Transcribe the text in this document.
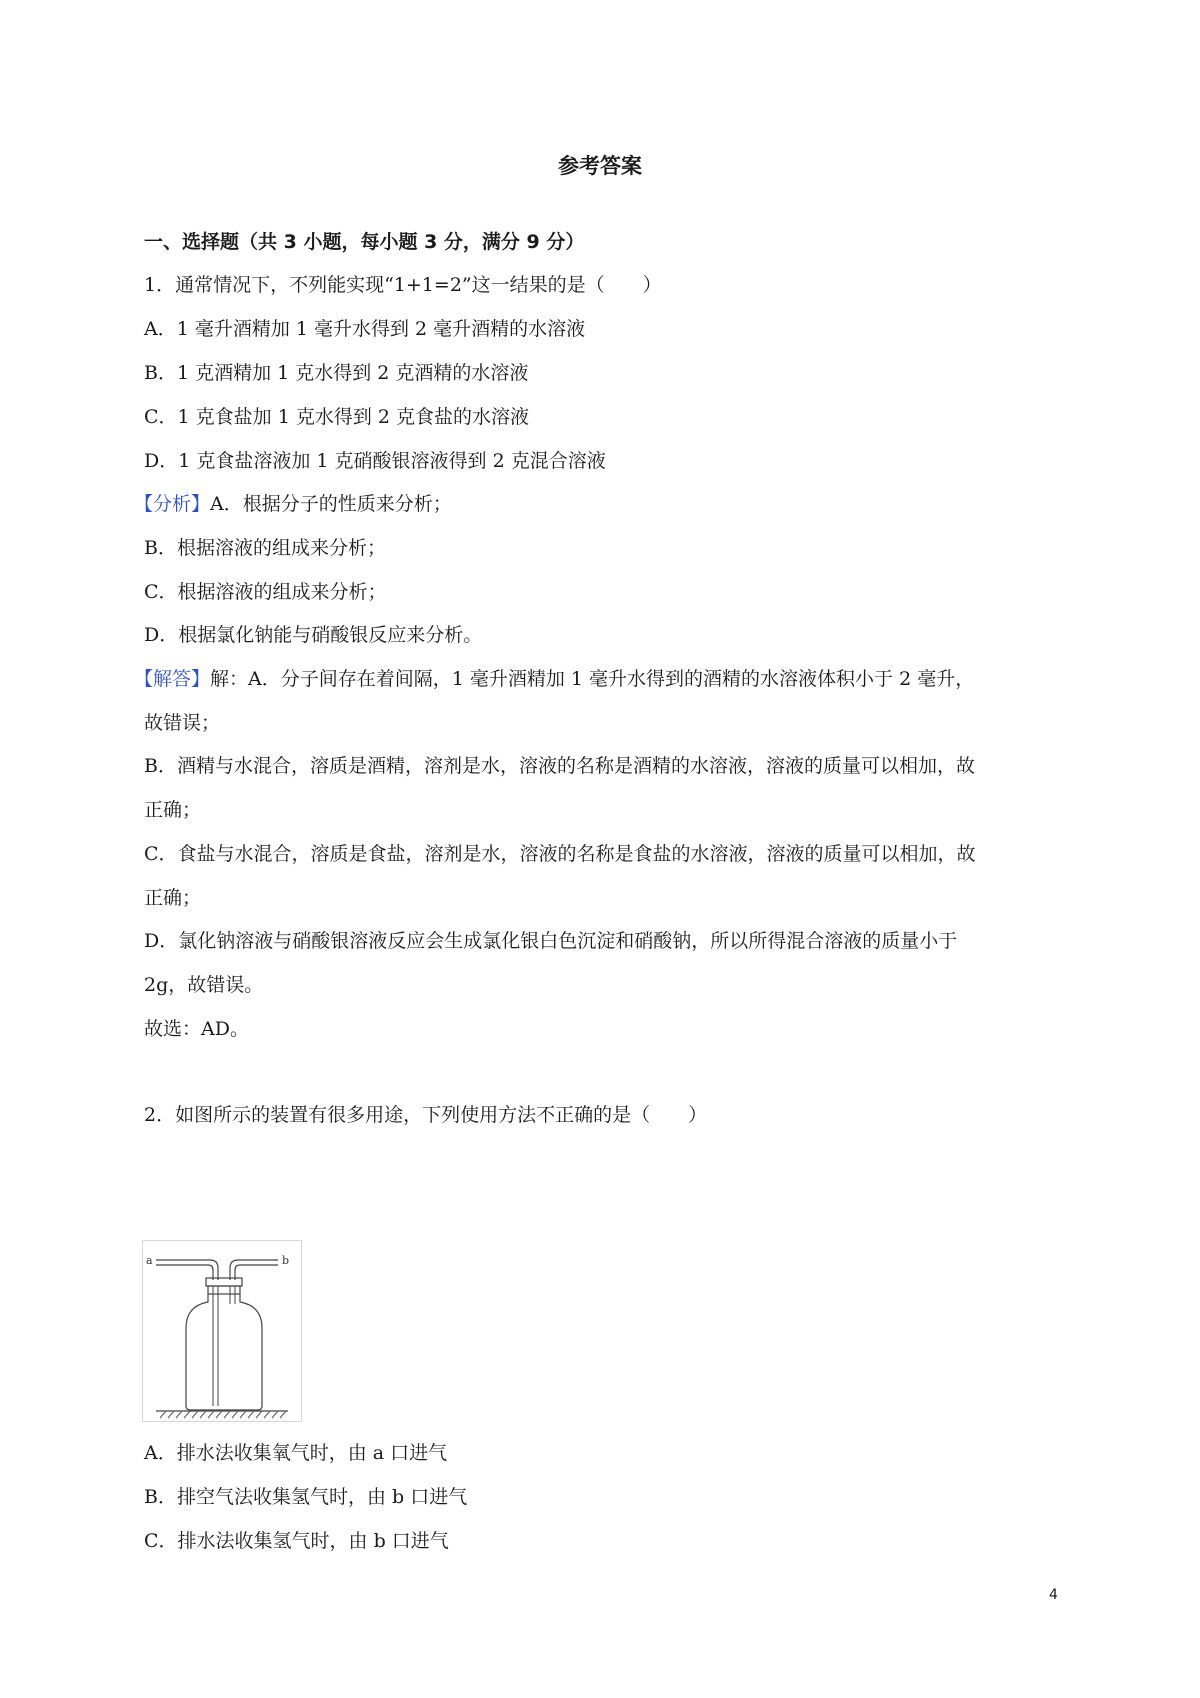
参考答案
一、选择题（共 3 小题，每小题 3 分，满分 9 分）
1．通常情况下，不列能实现“1+1=2”这一结果的是（　　）
A．1 毫升酒精加 1 毫升水得到 2 毫升酒精的水溶液
B．1 克酒精加 1 克水得到 2 克酒精的水溶液
C．1 克食盐加 1 克水得到 2 克食盐的水溶液
D．1 克食盐溶液加 1 克硝酸银溶液得到 2 克混合溶液
【分析】A．根据分子的性质来分析；
B．根据溶液的组成来分析；
C．根据溶液的组成来分析；
D．根据氯化钠能与硝酸银反应来分析。
【解答】解：A．分子间存在着间隔，1 毫升酒精加 1 毫升水得到的酒精的水溶液体积小于 2 毫升，
故错误；
B．酒精与水混合，溶质是酒精，溶剂是水，溶液的名称是酒精的水溶液，溶液的质量可以相加，故
正确；
C．食盐与水混合，溶质是食盐，溶剂是水，溶液的名称是食盐的水溶液，溶液的质量可以相加，故
正确；
D．氯化钠溶液与硝酸银溶液反应会生成氯化银白色沉淀和硝酸钠，所以所得混合溶液的质量小于
2g，故错误。
故选：AD。
2．如图所示的装置有很多用途，下列使用方法不正确的是（　　）
a	b
A．排水法收集氧气时，由 a 口进气
B．排空气法收集氢气时，由 b 口进气
C．排水法收集氢气时，由 b 口进气
4
